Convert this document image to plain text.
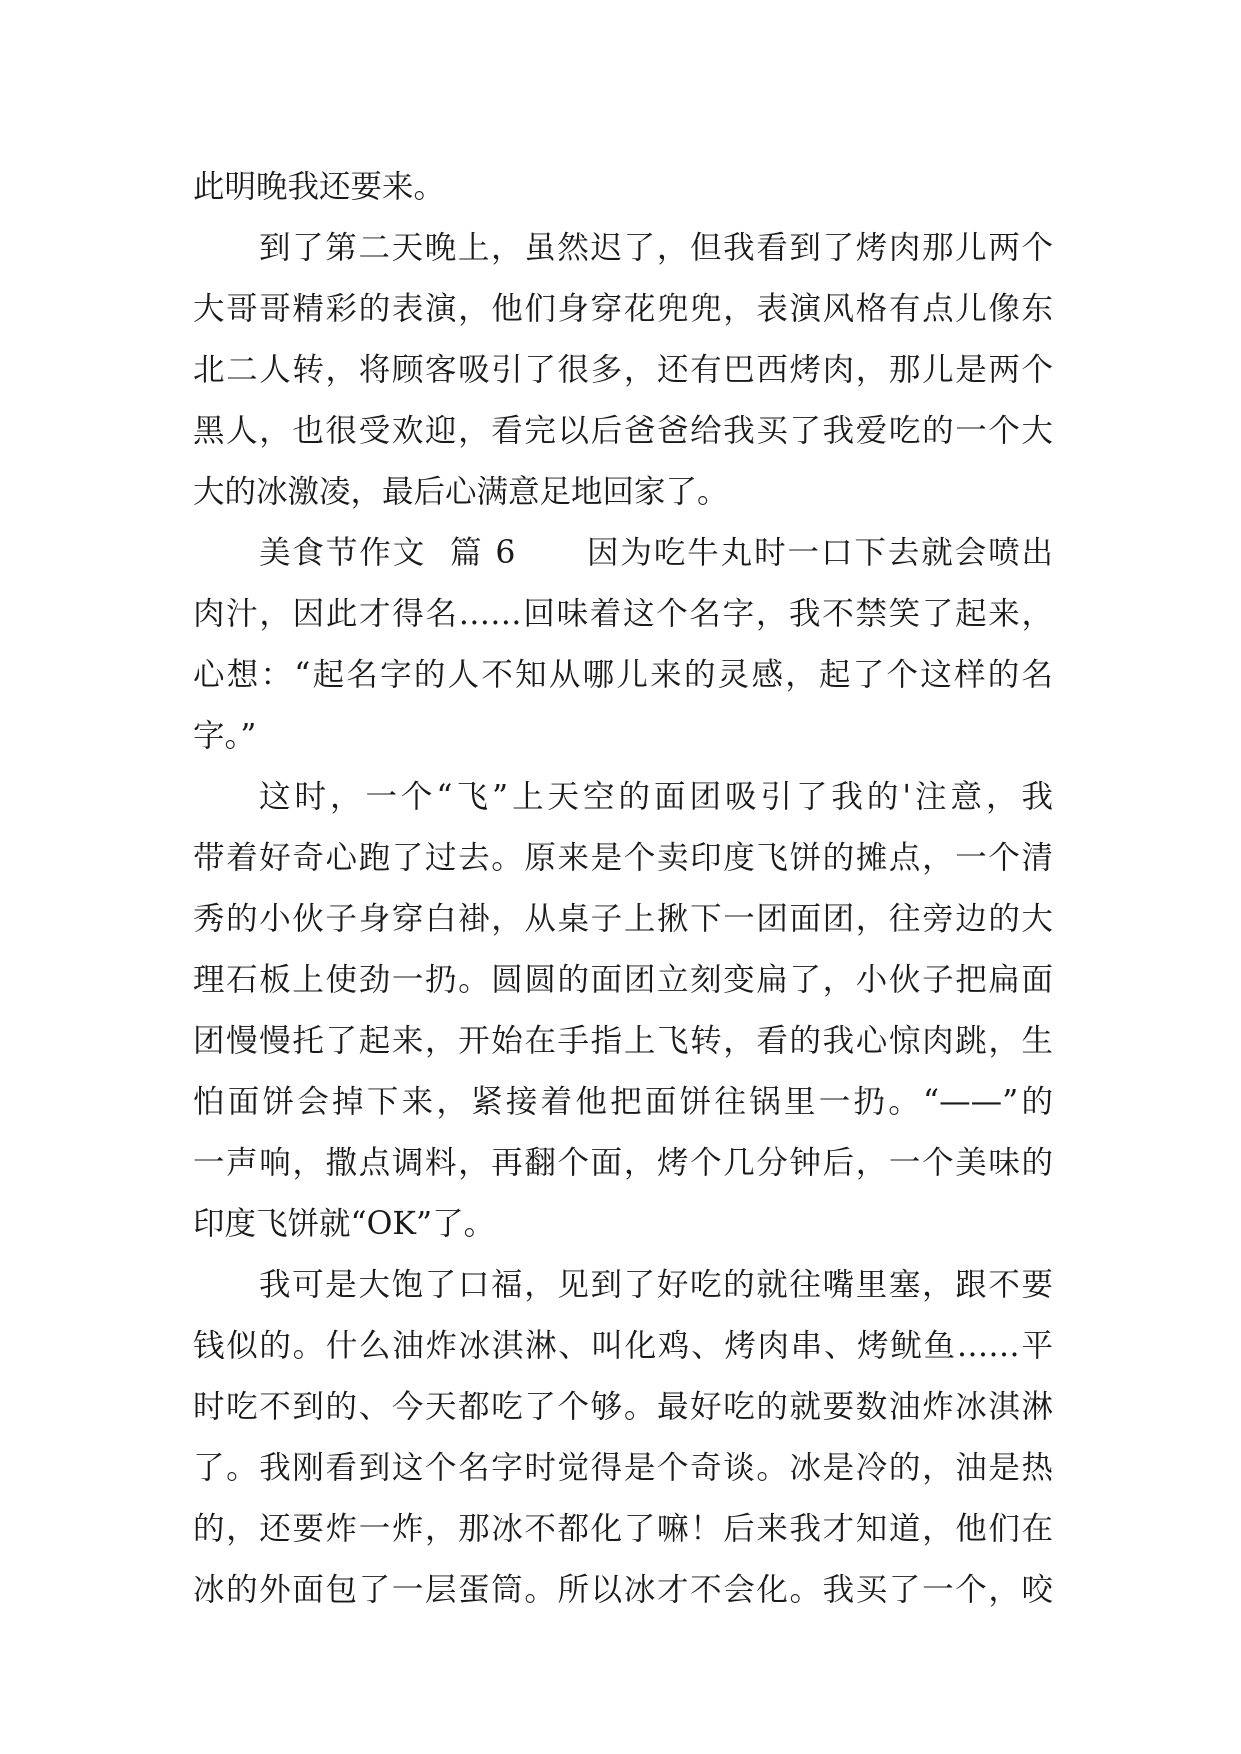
此明晚我还要来。
到了第二天晚上，虽然迟了，但我看到了烤肉那儿两个
大哥哥精彩的表演，他们身穿花兜兜，表演风格有点儿像东
北二人转，将顾客吸引了很多，还有巴西烤肉，那儿是两个
黑人，也很受欢迎，看完以后爸爸给我买了我爱吃的一个大
大的冰激凌，最后心满意足地回家了。
美食节作文  篇 6      因为吃牛丸时一口下去就会喷出
肉汁，因此才得名……回味着这个名字，我不禁笑了起来，
心想：“起名字的人不知从哪儿来的灵感，起了个这样的名
字。”
这时，一个“飞”上天空的面团吸引了我的'注意，我
带着好奇心跑了过去。原来是个卖印度飞饼的摊点，一个清
秀的小伙子身穿白褂，从桌子上揪下一团面团，往旁边的大
理石板上使劲一扔。圆圆的面团立刻变扁了，小伙子把扁面
团慢慢托了起来，开始在手指上飞转，看的我心惊肉跳，生
怕面饼会掉下来，紧接着他把面饼往锅里一扔。“——”的
一声响，撒点调料，再翻个面，烤个几分钟后，一个美味的
印度飞饼就“OK”了。
我可是大饱了口福，见到了好吃的就往嘴里塞，跟不要
钱似的。什么油炸冰淇淋、叫化鸡、烤肉串、烤鱿鱼……平
时吃不到的、今天都吃了个够。最好吃的就要数油炸冰淇淋
了。我刚看到这个名字时觉得是个奇谈。冰是冷的，油是热
的，还要炸一炸，那冰不都化了嘛！后来我才知道，他们在
冰的外面包了一层蛋筒。所以冰才不会化。我买了一个，咬
